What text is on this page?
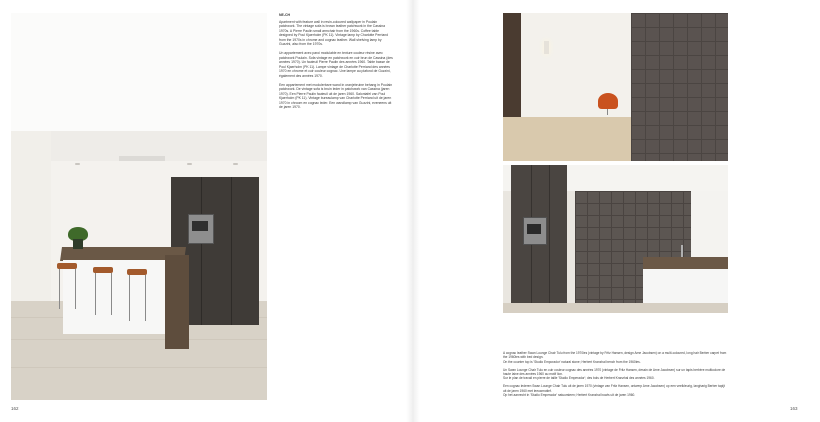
NE-CH

Apartment with feature wall in resin-coloured wallpaper in Poulain patchwork. The vintage sofa is brown leather patchwork in the Cassina 1970s. A Pierre Paulin small armchair from the 1960s. Coffee table designed by Poul Kjaerholm (PK 11). Vintage lamp by Charlotte Perriand from the 1970s in chrome and cognac leather. Wall shelving lamp by Guzzini, also from the 1970s.

Un appartement avec paroi modulable en texture couleur résine avec patchwork Poulain. Sofa vintage en patchwork en cuir brun de Cassina (des années 1970). Un fauteuil Pierre Paulin des années 1960. Table basse de Poul Kjaerholm (PK 11). Lampe vintage de Charlotte Perriand des années 1970 en chrome et cuir couleur cognac. Une lampe au plafond de Guzzini, également des années 1970.

Een appartement met modulerbare wand in oranjebruine behang in Poulain patchwork. De vintage sofa is bruin leder in patchwork van Cassina (jaren 1970). Een Pierre Paulin fauteuil uit de jaren 1960. Salontafel van Poul Kjaerholm (PK 11). Vintage bureaulamp van Charlotte Perriand uit de jaren 1970 in chroom en cognac leder. Een wandlamp van Guzzini, eveneens uit de jaren 1970.

162

A cognac leather Swan Lounge Chair Tulu from the 1970ies (vintage by Fritz Hansen, design Arne Jacobsen) on a multi-coloured, long hair Berber carpet from the 1960ies with bed design.
On the counter top is 'Studio Emporador' natural stone; Herbert Kranzhal bench from the 1960ies.

Un Swan Lounge Chair Tulu en cuir couleur cognac des années 1970 (vintage de Fritz Hansen, dessin de Arne Jacobsen) sur un tapis berbère multicolore de haute laine des années 1960 au motif lion.
Sur le plan de travail en pierre de taille 'Studio Emperador'; des bols de Herbert Kranzhal des années 1960.

Een cognac lederen Swan Lounge Chair Tulu uit de jaren 1970 (vintage van Fritz Hansen, ontwerp Arne Jacobsen) op een veelkleurig, langharig Berber tapijt uit de jaren 1960 met leeuwmotief.
Op het aanrecht in 'Studio Emperador' natuursteen; Herbert Kranzhal bowls uit de jaren 1960.

163
